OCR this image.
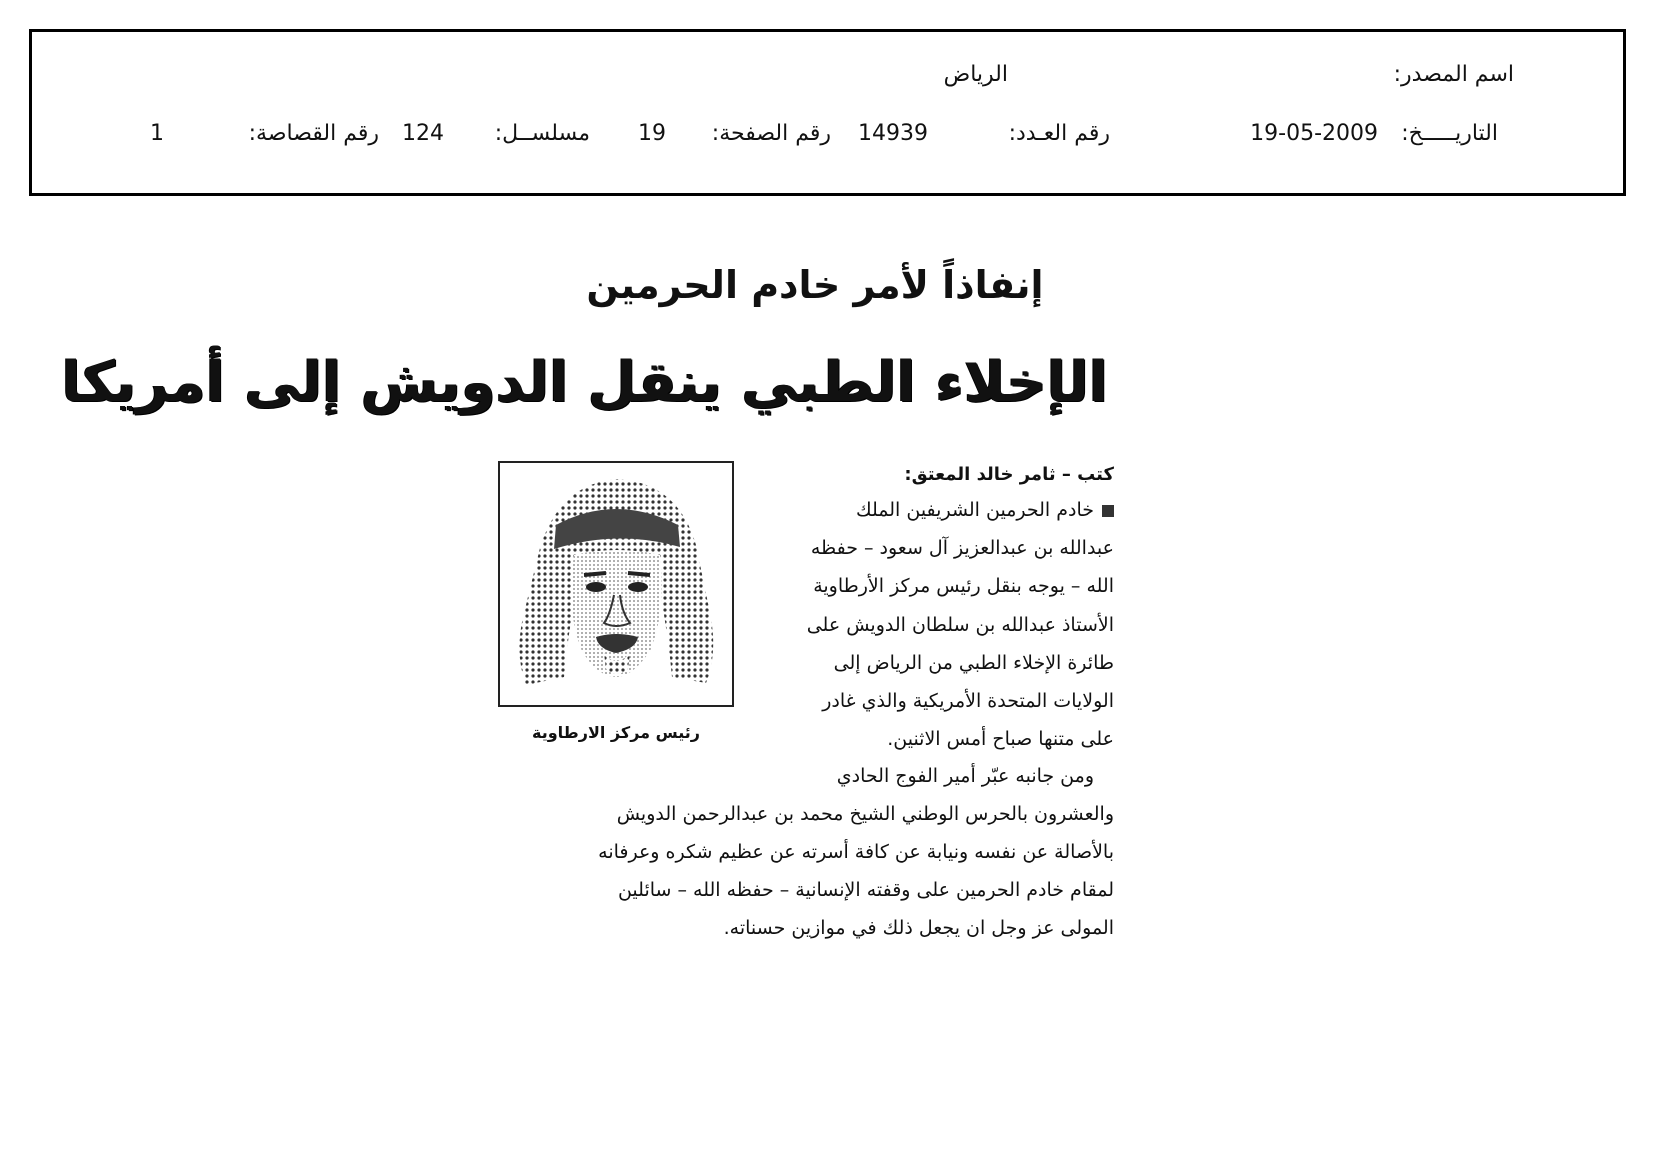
اسم المصدر:
الرياض
التاريـــــخ:
19-05-2009
رقم العـدد:
14939
رقم الصفحة:
19
مسلســل:
124
رقم القصاصة:
1
إنفاذاً لأمر خادم الحرمين
الإخلاء الطبي ينقل الدويش إلى أمريكا
كتب – ثامر خالد المعتق:
خادم الحرمين الشريفين الملك
عبدالله بن عبدالعزيز آل سعود – حفظه
الله – يوجه بنقل رئيس مركز الأرطاوية
الأستاذ عبدالله بن سلطان الدويش على
طائرة الإخلاء الطبي من الرياض إلى
الولايات المتحدة الأمريكية والذي غادر
على متنها صباح أمس الاثنين.
ومن جانبه عبّر أمير الفوج الحادي
والعشرون بالحرس الوطني الشيخ محمد بن عبدالرحمن الدويش
بالأصالة عن نفسه ونيابة عن كافة أسرته عن عظيم شكره وعرفانه
لمقام خادم الحرمين على وقفته الإنسانية – حفظه الله – سائلين
المولى عز وجل ان يجعل ذلك في موازين حسناته.
رئيس مركز الارطاوية
